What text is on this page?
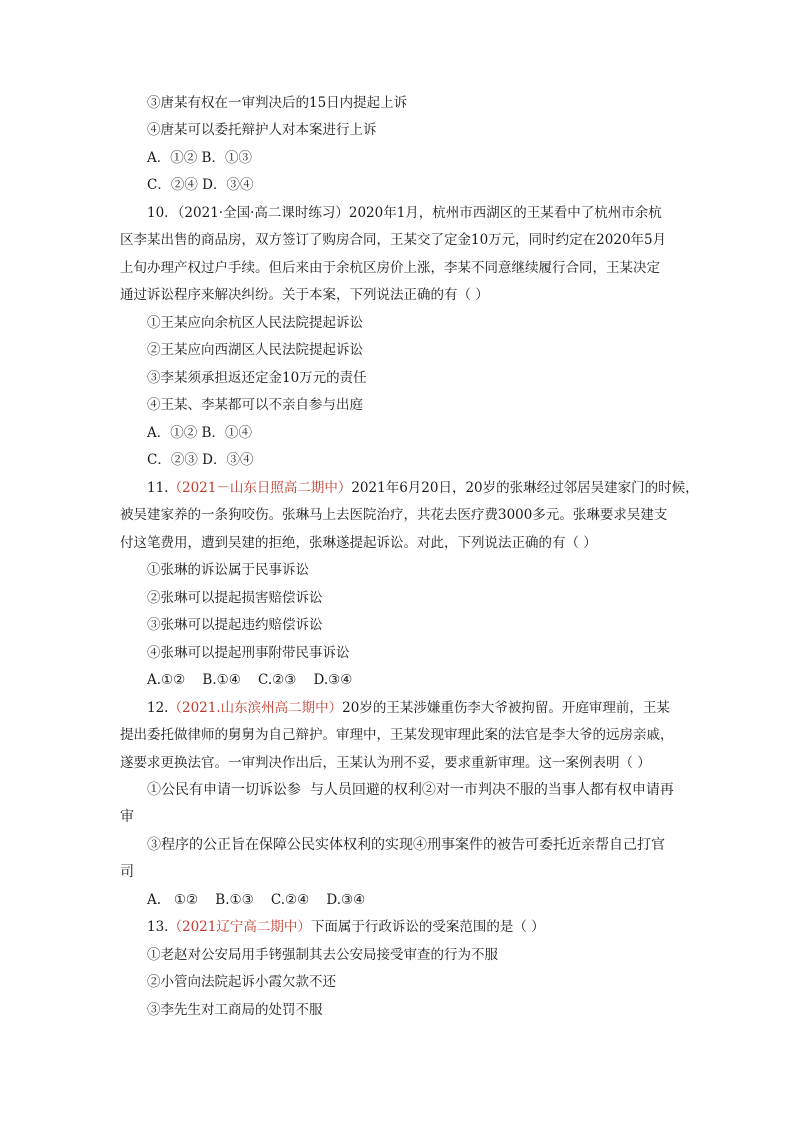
③唐某有权在一审判决后的15日内提起上诉
④唐某可以委托辩护人对本案进行上诉
A．①② B．①③
C．②④ D．③④
10．（2021·全国·高二课时练习）2020年1月，杭州市西湖区的王某看中了杭州市余杭
区李某出售的商品房，双方签订了购房合同，王某交了定金10万元，同时约定在2020年5月
上旬办理产权过户手续。但后来由于余杭区房价上涨，李某不同意继续履行合同，王某决定
通过诉讼程序来解决纠纷。关于本案，下列说法正确的有（ ）
①王某应向余杭区人民法院提起诉讼
②王某应向西湖区人民法院提起诉讼
③李某须承担返还定金10万元的责任
④王某、李某都可以不亲自参与出庭
A．①② B．①④
C．②③ D．③④
11.（2021－山东日照高二期中）2021年6月20日，20岁的张琳经过邻居吴建家门的时候，
被吴建家养的一条狗咬伤。张琳马上去医院治疗，共花去医疗费3000多元。张琳要求吴建支
付这笔费用，遭到吴建的拒绝，张琳遂提起诉讼。对此，下列说法正确的有（ ）
①张琳的诉讼属于民事诉讼
②张琳可以提起损害赔偿诉讼
③张琳可以提起违约赔偿诉讼
④张琳可以提起刑事附带民事诉讼
A.①②    B.①④    C.②③    D.③④
12.（2021.山东滨州高二期中）20岁的王某涉嫌重伤李大爷被拘留。开庭审理前，王某
提出委托做律师的舅舅为自己辩护。审理中，王某发现审理此案的法官是李大爷的远房亲戚，
遂要求更换法官。一审判决作出后，王某认为刑不妥，要求重新审理。这一案例表明（ ）
①公民有申请一切诉讼参  与人员回避的权利②对一市判决不服的当事人都有权申请再
审
③程序的公正旨在保障公民实体权利的实现④刑事案件的被告可委托近亲帮自己打官
司
A.   ①②    B.①③    C.②④    D.③④
13.（2021辽宁高二期中）下面属于行政诉讼的受案范围的是（ ）
①老赵对公安局用手铐强制其去公安局接受审查的行为不服
②小管向法院起诉小霞欠款不还
③李先生对工商局的处罚不服
